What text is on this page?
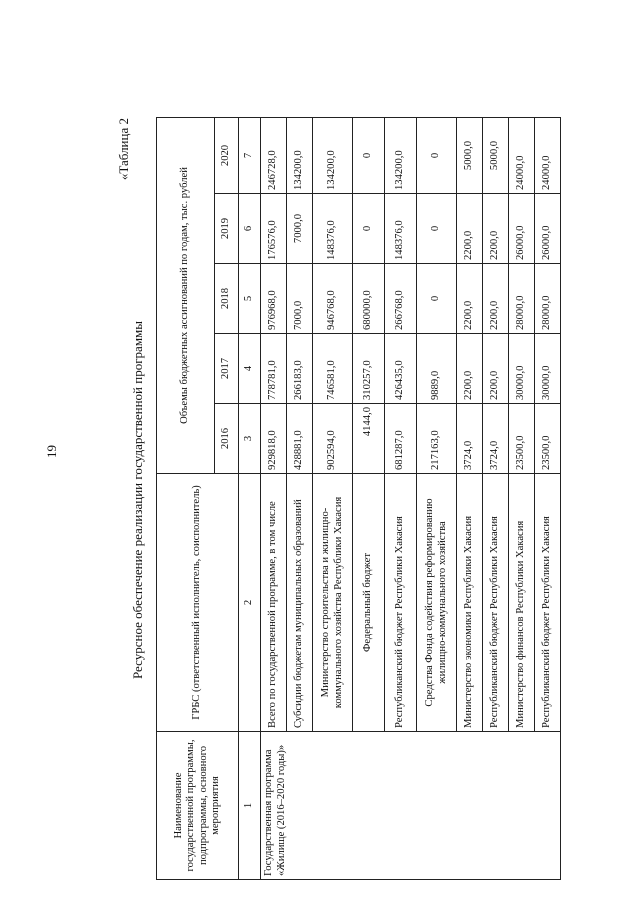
19
«Таблица 2
Ресурсное обеспечение реализации государственной программы
Наименование государственной программы, подпрограммы, основного мероприятия	ГРБС (ответственный исполнитель, соисполнитель)	Объемы бюджетных ассигнований по годам, тыс. рублей				
		2016	2017	2018	2019	2020
1	2	3	4	5	6	7
Государственная программа «Жилище (2016–2020 годы)»	Всего по государственной программе, в том числе	929818,0	778781,0	976968,0	176576,0	246728,0
	Субсидии бюджетам муниципальных образований	428881,0	266183,0	7000,0	7000,0	134200,0
	Министерство строительства и жилищно-коммунального хозяйства Республики Хакасия	902594,0	746581,0	946768,0	148376,0	134200,0
	Федеральный бюджет	4144,0	310257,0	680000,0	0	0
	Республиканский бюджет Республики Хакасия	681287,0	426435,0	266768,0	148376,0	134200,0
	Средства Фонда содействия реформированию жилищно-коммунального хозяйства	217163,0	9889,0	0	0	0
	Министерство экономики Республики Хакасия	3724,0	2200,0	2200,0	2200,0	5000,0
	Республиканский бюджет Республики Хакасия	3724,0	2200,0	2200,0	2200,0	5000,0
	Министерство финансов Республики Хакасия	23500,0	30000,0	28000,0	26000,0	24000,0
	Республиканский бюджет Республики Хакасия	23500,0	30000,0	28000,0	26000,0	24000,0
